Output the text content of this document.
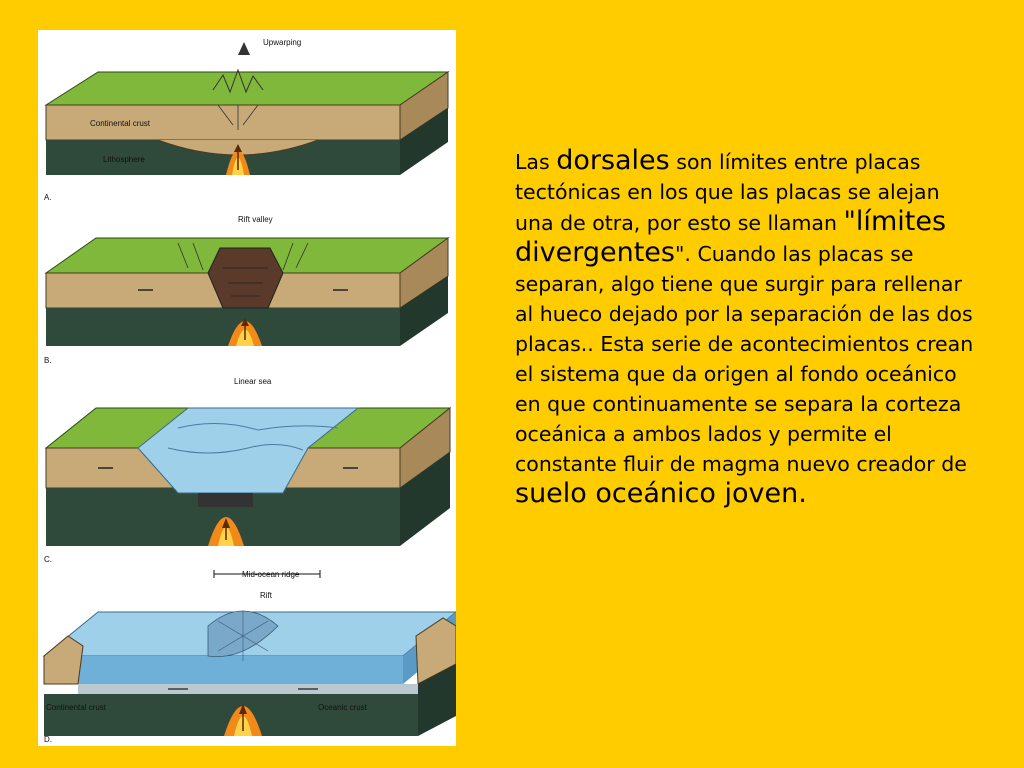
Upwarping
Continental crust
Lithosphere
A.
Rift valley
B.
Linear sea
C.
Mid-ocean ridge
Rift
Continental crust	Oceanic crust
D.
Las dorsales son límites entre placas tectónicas en los que las placas se alejan una de otra, por esto se llaman "límites divergentes". Cuando las placas se separan, algo tiene que surgir para rellenar al hueco dejado por la separación de las dos placas.. Esta serie de acontecimientos crean el sistema que da origen al fondo oceánico en que continuamente se separa la corteza oceánica a ambos lados y permite el constante fluir de magma nuevo creador de suelo oceánico joven.
